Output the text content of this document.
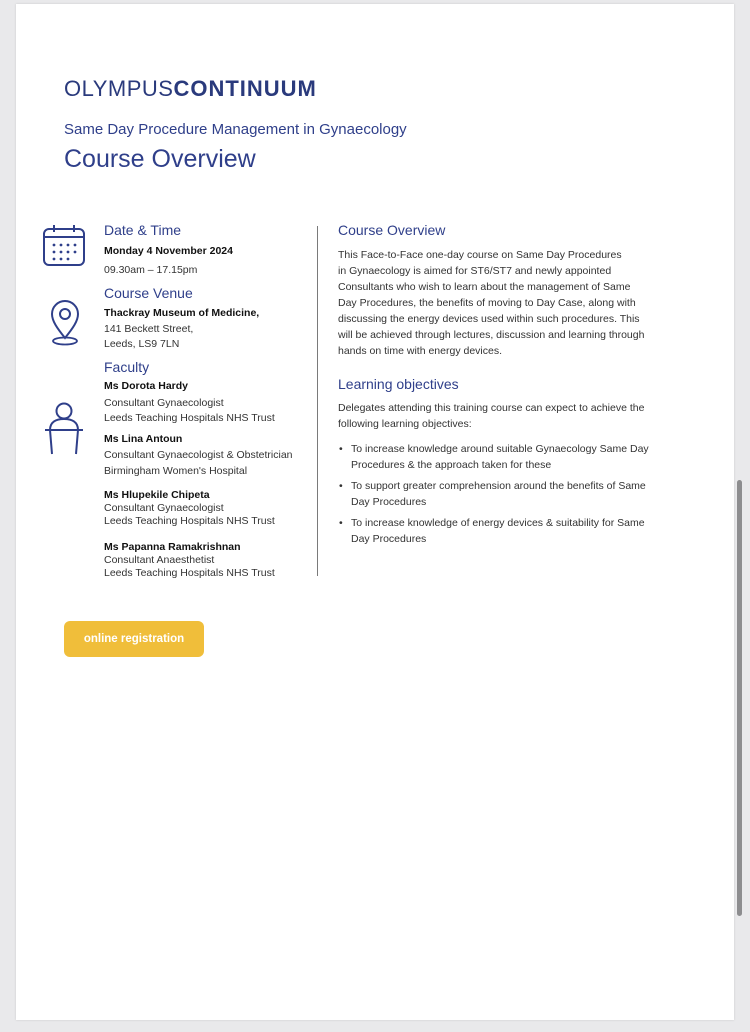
OLYMPUSCONTINUUM
Same Day Procedure Management in Gynaecology
Course Overview
Date & Time
Monday 4 November 2024
09.30am – 17.15pm
Course Venue
Thackray Museum of Medicine,
141 Beckett Street,
Leeds, LS9 7LN
Faculty
Ms Dorota Hardy
Consultant Gynaecologist
Leeds Teaching Hospitals NHS Trust
Ms Lina Antoun
Consultant Gynaecologist & Obstetrician
Birmingham Women's Hospital
Ms Hlupekile Chipeta
Consultant Gynaecologist
Leeds Teaching Hospitals NHS Trust
Ms Papanna Ramakrishnan
Consultant Anaesthetist
Leeds Teaching Hospitals NHS Trust
Course Overview
This Face-to-Face one-day course on Same Day Procedures
in Gynaecology is aimed for ST6/ST7 and newly appointed
Consultants who wish to learn about the management of Same
Day Procedures, the benefits of moving to Day Case, along with
discussing the energy devices used within such procedures. This
will be achieved through lectures, discussion and learning through
hands on time with energy devices.
Learning objectives
Delegates attending this training course can expect to achieve the
following learning objectives:
• To increase knowledge around suitable Gynaecology Same Day
Procedures & the approach taken for these
• To support greater comprehension around the benefits of Same
Day Procedures
• To increase knowledge of energy devices & suitability for Same
Day Procedures
online registration
